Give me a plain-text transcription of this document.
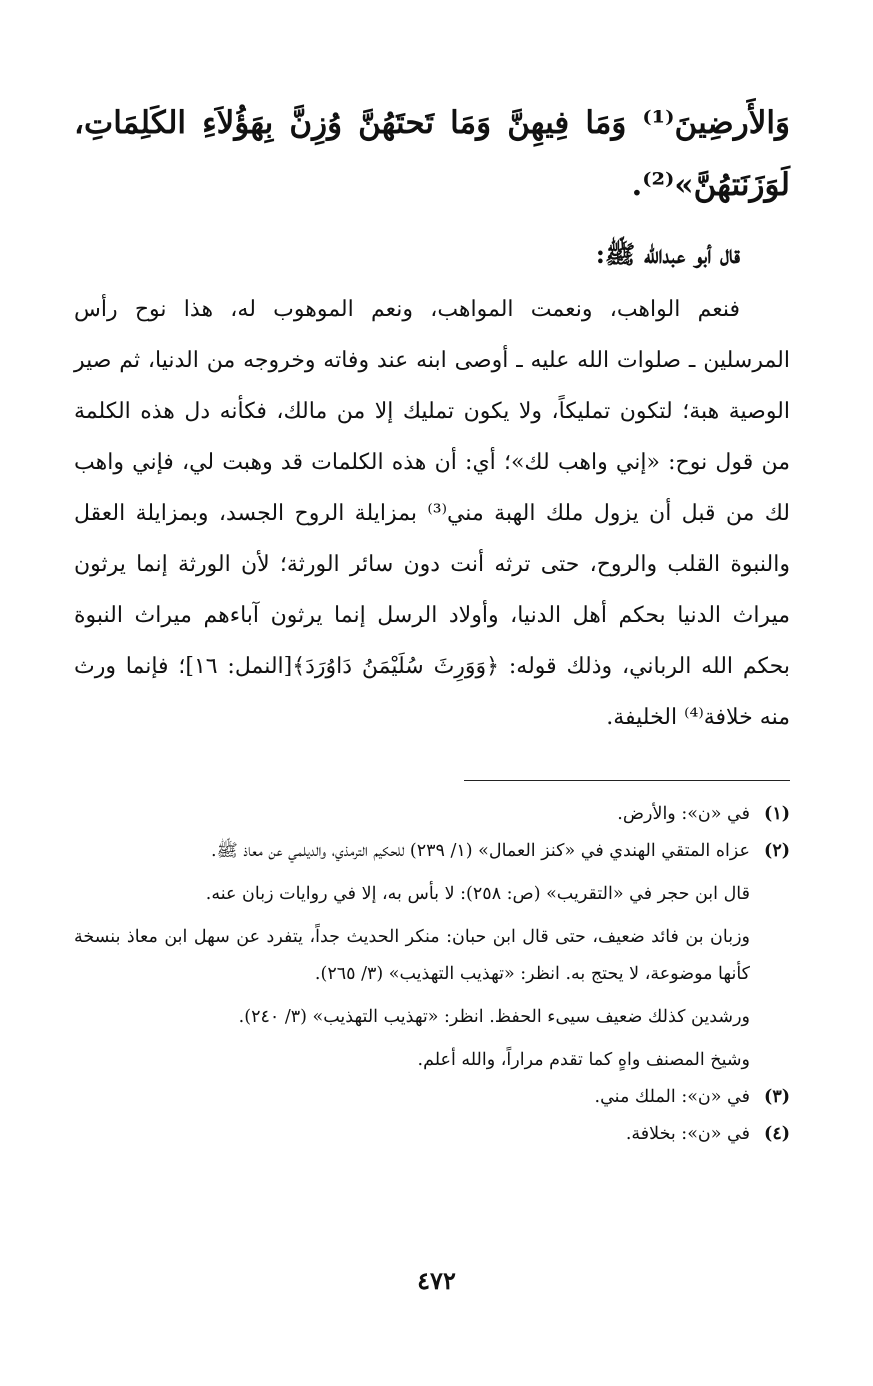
وَالأَرضِينَ⁽¹⁾ وَمَا فِيهِنَّ وَمَا تَحتَهُنَّ وُزِنَّ بِهَؤُلاَءِ الكَلِمَاتِ، لَوَزَنَتهُنَّ»⁽²⁾.

قال أبو عبدالله ﷺ:

فنعم الواهب، ونعمت المواهب، ونعم الموهوب له، هذا نوح رأس المرسلين ـ صلوات الله عليه ـ أوصى ابنه عند وفاته وخروجه من الدنيا، ثم صير الوصية هبة؛ لتكون تمليكاً، ولا يكون تمليك إلا من مالك، فكأنه دل هذه الكلمة من قول نوح: «إني واهب لك»؛ أي: أن هذه الكلمات قد وهبت لي، فإني واهب لك من قبل أن يزول ملك الهبة مني⁽³⁾ بمزايلة الروح الجسد، وبمزايلة العقل والنبوة القلب والروح، حتى ترثه أنت دون سائر الورثة؛ لأن الورثة إنما يرثون ميراث الدنيا بحكم أهل الدنيا، وأولاد الرسل إنما يرثون آباءهم ميراث النبوة بحكم الله الرباني، وذلك قوله: ﴿وَوَرِثَ سُلَيْمَنُ دَاوُرَدَ﴾[النمل: ١٦]؛ فإنما ورث منه خلافة⁽⁴⁾ الخليفة.

(١)
في «ن»: والأرض.
(٢)
عزاه المتقي الهندي في «كنز العمال» (١/ ٢٣٩) للحكيم الترمذي، والديلمي عن معاذ ﷺ.

قال ابن حجر في «التقريب» (ص: ٢٥٨): لا بأس به، إلا في روايات زبان عنه.

وزبان بن فائد ضعيف، حتى قال ابن حبان: منكر الحديث جداً، يتفرد عن سهل ابن معاذ بنسخة كأنها موضوعة، لا يحتج به. انظر: «تهذيب التهذيب» (٣/ ٢٦٥).

ورشدين كذلك ضعيف سيىء الحفظ. انظر: «تهذيب التهذيب» (٣/ ٢٤٠).

وشيخ المصنف واهٍ كما تقدم مراراً، والله أعلم.

(٣)
في «ن»: الملك مني.
(٤)
في «ن»: بخلافة.
٤٧٢
